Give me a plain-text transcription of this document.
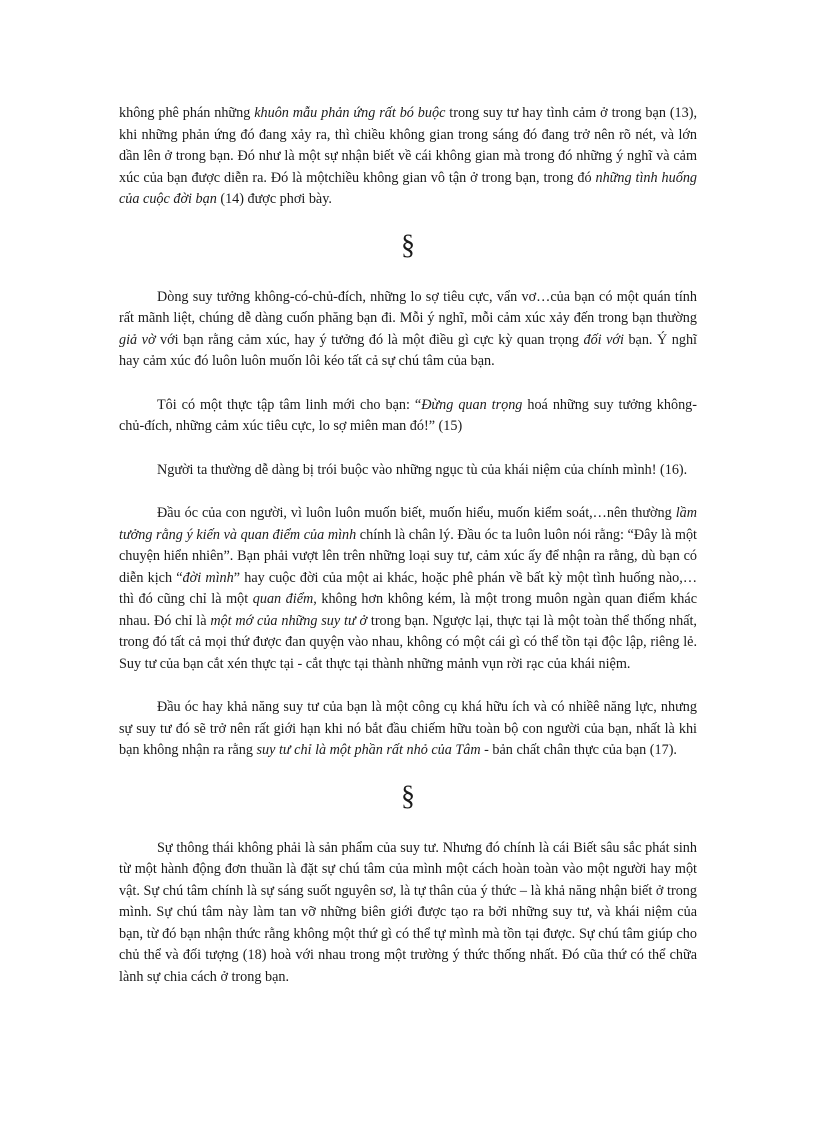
không phê phán những khuôn mẫu phản ứng rất bó buộc trong suy tư hay tình cảm ở trong bạn (13), khi những phản ứng đó đang xảy ra, thì chiều không gian trong sáng đó đang trở nên rõ nét, và lớn dần lên ở trong bạn. Đó như là một sự nhận biết về cái không gian mà trong đó những ý nghĩ và cảm xúc của bạn được diễn ra. Đó là mộtchiều không gian vô tận ở trong bạn, trong đó những tình huống của cuộc đời bạn (14) được phơi bày.

§

Dòng suy tưởng không-có-chủ-đích, những lo sợ tiêu cực, vẩn vơ…của bạn có một quán tính rất mãnh liệt, chúng dễ dàng cuốn phăng bạn đi. Mỗi ý nghĩ, mỗi cảm xúc xảy đến trong bạn thường giả vờ với bạn rằng cảm xúc, hay ý tưởng đó là một điều gì cực kỳ quan trọng đối với bạn. Ý nghĩ hay cảm xúc đó luôn luôn muốn lôi kéo tất cả sự chú tâm của bạn.

Tôi có một thực tập tâm linh mới cho bạn: “Đừng quan trọng hoá những suy tưởng không-chủ-đích, những cảm xúc tiêu cực, lo sợ miên man đó!” (15)

Người ta thường dễ dàng bị trói buộc vào những ngục tù của khái niệm của chính mình! (16).

Đầu óc của con người, vì luôn luôn muốn biết, muốn hiểu, muốn kiểm soát,…nên thường lầm tưởng rằng ý kiến và quan điểm của mình chính là chân lý. Đầu óc ta luôn luôn nói rằng: “Đây là một chuyện hiển nhiên”. Bạn phải vượt lên trên những loại suy tư, cảm xúc ấy để nhận ra rằng, dù bạn có diễn kịch “đời mình” hay cuộc đời của một ai khác, hoặc phê phán về bất kỳ một tình huống nào,…thì đó cũng chỉ là một quan điểm, không hơn không kém, là một trong muôn ngàn quan điểm khác nhau. Đó chỉ là một mớ của những suy tư ở trong bạn. Ngược lại, thực tại là một toàn thể thống nhất, trong đó tất cả mọi thứ được đan quyện vào nhau, không có một cái gì có thể tồn tại độc lập, riêng lẻ. Suy tư của bạn cắt xén thực tại - cắt thực tại thành những mảnh vụn rời rạc của khái niệm.

Đầu óc hay khả năng suy tư của bạn là một công cụ khá hữu ích và có nhiềê năng lực, nhưng sự suy tư đó sẽ trở nên rất giới hạn khi nó bắt đầu chiếm hữu toàn bộ con người của bạn, nhất là khi bạn không nhận ra rằng suy tư chỉ là một phần rất nhỏ của Tâm - bản chất chân thực của bạn (17).

§

Sự thông thái không phải là sản phẩm của suy tư. Nhưng đó chính là cái Biết sâu sắc phát sinh từ một hành động đơn thuần là đặt sự chú tâm của mình một cách hoàn toàn vào một người hay một vật. Sự chú tâm chính là sự sáng suốt nguyên sơ, là tự thân của ý thức – là khả năng nhận biết ở trong mình. Sự chú tâm này làm tan vỡ những biên giới được tạo ra bởi những suy tư, và khái niệm của bạn, từ đó bạn nhận thức rằng không một thứ gì có thể tự mình mà tồn tại được. Sự chú tâm giúp cho chủ thể và đối tượng (18) hoà với nhau trong một trường ý thức thống nhất. Đó cũa thứ có thể chữa lành sự chia cách ở trong bạn.
